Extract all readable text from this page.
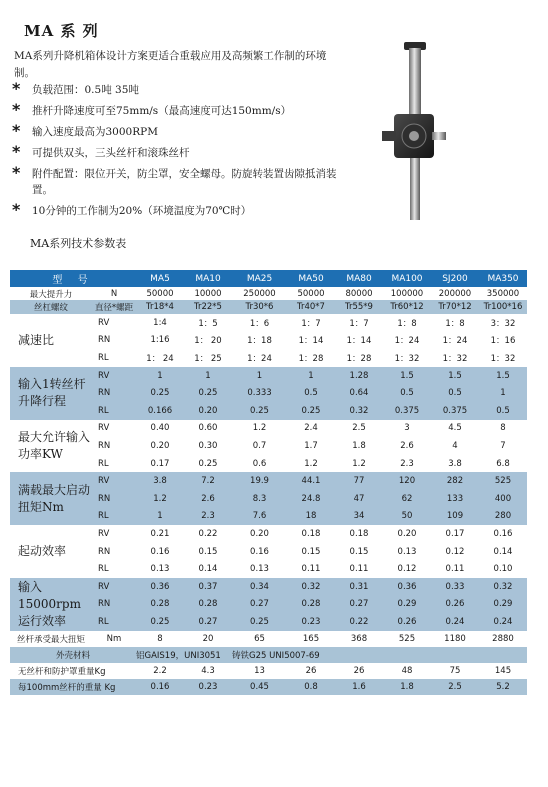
MA 系 列
MA系列升降机箱体设计方案更适合重载应用及高频繁工作制的环境制。
* 负载范围：0.5吨 35吨
* 推杆升降速度可至75mm/s（最高速度可达150mm/s）
* 输入速度最高为3000RPM
* 可提供双头，三头丝杆和滚珠丝杆
* 附件配置：限位开关，防尘罩，安全螺母。防旋转装置齿隙抵消装置。
* 10分钟的工作制为20%（环境温度为70℃时）
MA系列技术参数表
型 号		MA5	MA10	MA25	MA50	MA80	MA100	SJ200	MA350
最大提升力	N	50000	10000	250000	50000	80000	100000	200000	350000
丝杠螺纹	直径*螺距	Tr18*4	Tr22*5	Tr30*6	Tr40*7	Tr55*9	Tr60*12	Tr70*12	Tr100*16
减速比	RV	1:4	1：5	1：6	1：7	1：7	1：8	1：8	3：32
	RN	1:16	1： 20	1：18	1：14	1：14	1：24	1：24	1：16
	RL	1： 24	1： 25	1：24	1：28	1：28	1：32	1：32	1：32
输入1转丝杆升降行程	RV	1	1	1	1	1.28	1.5	1.5	1.5
	RN	0.25	0.25	0.333	0.5	0.64	0.5	0.5	1
	RL	0.166	0.20	0.25	0.25	0.32	0.375	0.375	0.5
最大允许输入功率KW	RV	0.40	0.60	1.2	2.4	2.5	3	4.5	8
	RN	0.20	0.30	0.7	1.7	1.8	2.6	4	7
	RL	0.17	0.25	0.6	1.2	1.2	2.3	3.8	6.8
满载最大启动扭矩Nm	RV	3.8	7.2	19.9	44.1	77	120	282	525
	RN	1.2	2.6	8.3	24.8	47	62	133	400
	RL	1	2.3	7.6	18	34	50	109	280
起动效率	RV	0.21	0.22	0.20	0.18	0.18	0.20	0.17	0.16
	RN	0.16	0.15	0.16	0.15	0.15	0.13	0.12	0.14
	RL	0.13	0.14	0.13	0.11	0.11	0.12	0.11	0.10
输入15000rpm运行效率	RV	0.36	0.37	0.34	0.32	0.31	0.36	0.33	0.32
	RN	0.28	0.28	0.27	0.28	0.27	0.29	0.26	0.29
	RL	0.25	0.27	0.25	0.23	0.22	0.26	0.24	0.24
丝杆承受最大扭矩	Nm	8	20	65	165	368	525	1180	2880
外壳材料		铝GAIS19，UNI3051		铸铁G25 UNI5007-69					
无丝杆和防护罩重量Kg		2.2	4.3	13	26	26	48	75	145
每100mm丝杆的重量 Kg		0.16	0.23	0.45	0.8	1.6	1.8	2.5	5.2
